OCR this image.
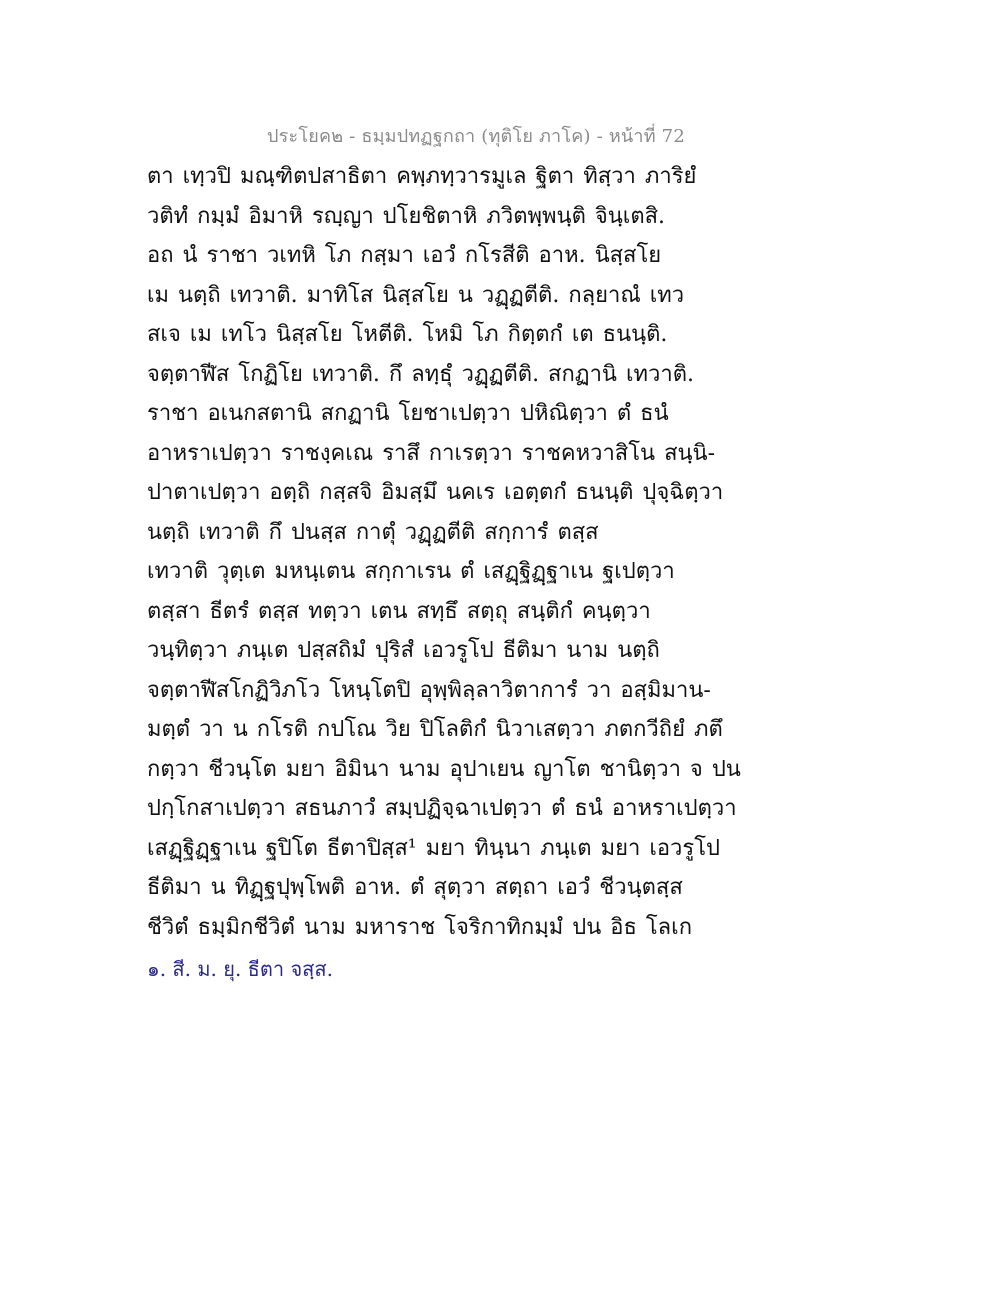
ประโยค๒ - ธมฺมปทฏฐกถา (ทุติโย ภาโค) - หน้าที่ 72
ตา เทฺวปิ มณฺฑิตปสาธิตา คพฺภทฺวารมูเล ฐิตา ทิสฺวา ภาริยํ
วติทํ กมฺมํ อิมาหิ รญฺญา ปโยชิตาหิ ภวิตพฺพนฺติ จินฺเตสิ.
อถ นํ ราชา วเทหิ โภ กสฺมา เอวํ กโรสีติ อาห. นิสฺสโย
เม นตฺถิ เทวาติ. มาทิโส นิสฺสโย น วฏฺฏตีติ. กลฺยาณํ เทว
สเจ เม เทโว นิสฺสโย โหตีติ. โหมิ โภ กิตฺตกํ เต ธนนฺติ.
จตฺตาฬีส โกฏิโย เทวาติ. กึ ลทฺธุํ วฏฺฏตีติ. สกฏานิ เทวาติ.
ราชา อเนกสตานิ สกฏานิ โยชาเปตฺวา ปหิณิตฺวา ตํ ธนํ
อาหราเปตฺวา ราชงฺคเณ ราสึ กาเรตฺวา ราชคหวาสิโน สนฺนิ-
ปาตาเปตฺวา อตฺถิ กสฺสจิ อิมสฺมึ นคเร เอตฺตกํ ธนนฺติ ปุจฺฉิตฺวา
นตฺถิ เทวาติ กึ ปนสฺส กาตุํ วฏฺฏตีติ สกฺการํ ตสฺส
เทวาติ วุตฺเต มหนฺเตน สกฺกาเรน ตํ เสฏฺฐิฏฺฐาเน ฐเปตฺวา
ตสฺสา ธีตรํ ตสฺส ทตฺวา เตน สทฺธึ สตฺถุ สนฺติกํ คนฺตฺวา
วนฺทิตฺวา ภนฺเต ปสฺสถิมํ ปุริสํ เอวรูโป ธีติมา นาม นตฺถิ
จตฺตาฬีสโกฏิวิภโว โหนฺโตปิ อุพฺพิลฺลาวิตาการํ วา อสฺมิมาน-
มตฺตํ วา น กโรติ กปโณ วิย ปิโลติกํ นิวาเสตฺวา ภตกวีถิยํ ภตึ
กตฺวา ชีวนฺโต มยา อิมินา นาม อุปาเยน ญาโต ชานิตฺวา จ ปน
ปกฺโกสาเปตฺวา สธนภาวํ สมฺปฏิจฺฉาเปตฺวา ตํ ธนํ อาหราเปตฺวา
เสฏฺฐิฏฺฐาเน ฐปิโต ธีตาปิสฺส¹ มยา ทินฺนา ภนฺเต มยา เอวรูโป
ธีติมา น ทิฏฺฐปุพฺโพติ อาห. ตํ สุตฺวา สตฺถา เอวํ ชีวนฺตสฺส
ชีวิตํ ธมฺมิกชีวิตํ นาม มหาราช โจริกาทิกมฺมํ ปน อิธ โลเก
๑. สี. ม. ยุ. ธีตา จสฺส.
